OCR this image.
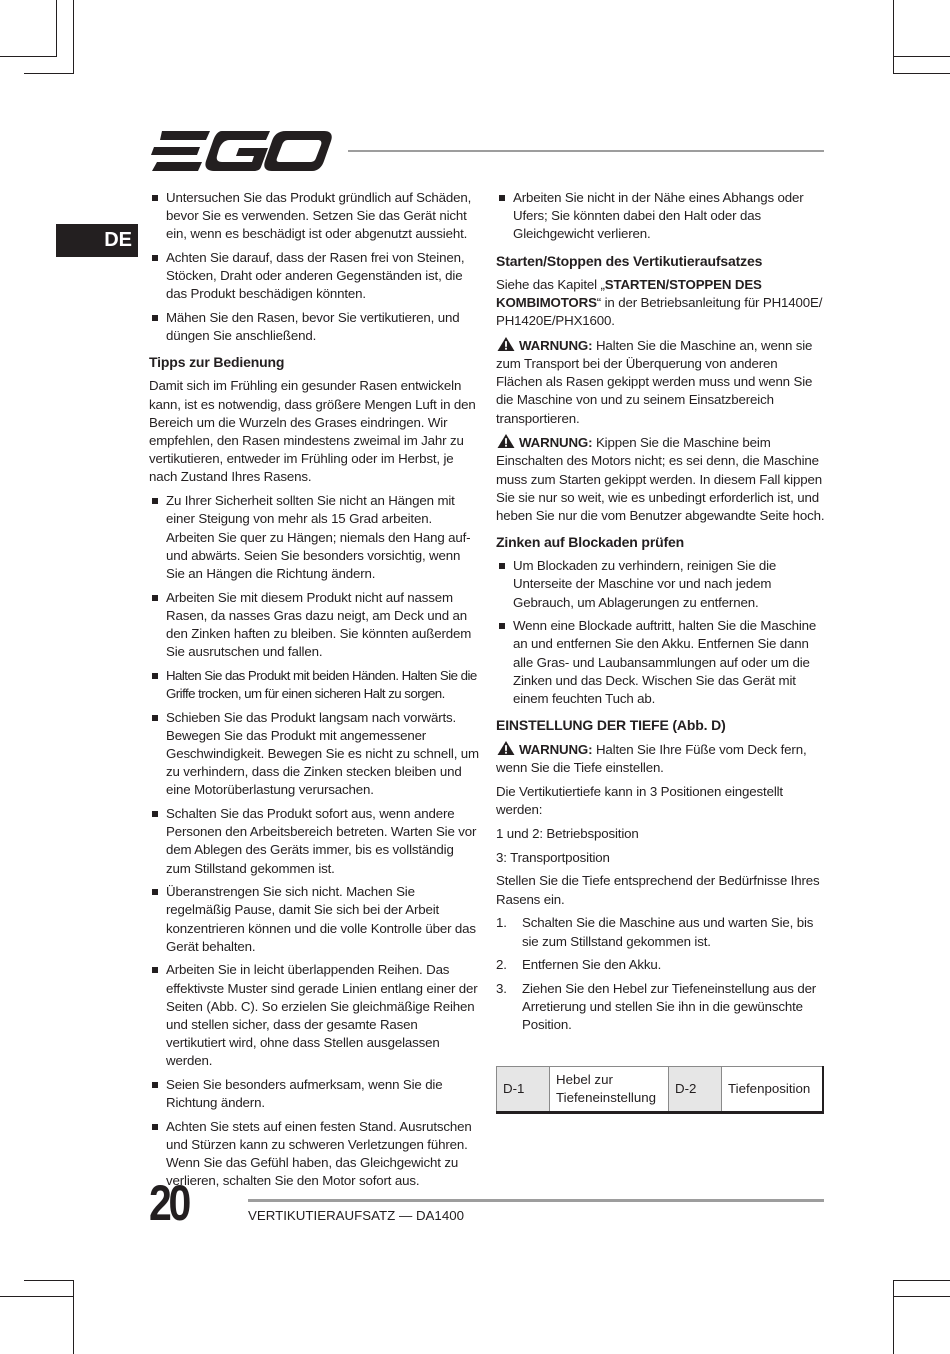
DE
Untersuchen Sie das Produkt gründlich auf Schäden, bevor Sie es verwenden. Setzen Sie das Gerät nicht ein, wenn es beschädigt ist oder abgenutzt aussieht.
Achten Sie darauf, dass der Rasen frei von Steinen, Stöcken, Draht oder anderen Gegenständen ist, die das Produkt beschädigen könnten.
Mähen Sie den Rasen, bevor Sie vertikutieren, und düngen Sie anschließend.
Tipps zur Bedienung

Damit sich im Frühling ein gesunder Rasen entwickeln kann, ist es notwendig, dass größere Mengen Luft in den Bereich um die Wurzeln des Grases eindringen. Wir empfehlen, den Rasen mindestens zweimal im Jahr zu vertikutieren, entweder im Frühling oder im Herbst, je nach Zustand Ihres Rasens.

Zu Ihrer Sicherheit sollten Sie nicht an Hängen mit einer Steigung von mehr als 15 Grad arbeiten. Arbeiten Sie quer zu Hängen; niemals den Hang auf- und abwärts. Seien Sie besonders vorsichtig, wenn Sie an Hängen die Richtung ändern.
Arbeiten Sie mit diesem Produkt nicht auf nassem Rasen, da nasses Gras dazu neigt, am Deck und an den Zinken haften zu bleiben. Sie könnten außerdem Sie ausrutschen und fallen.
Halten Sie das Produkt mit beiden Händen. Halten Sie die Griffe trocken, um für einen sicheren Halt zu sorgen.
Schieben Sie das Produkt langsam nach vorwärts. Bewegen Sie das Produkt mit angemessener Geschwindigkeit. Bewegen Sie es nicht zu schnell, um zu verhindern, dass die Zinken stecken bleiben und eine Motorüberlastung verursachen.
Schalten Sie das Produkt sofort aus, wenn andere Personen den Arbeitsbereich betreten. Warten Sie vor dem Ablegen des Geräts immer, bis es vollständig zum Stillstand gekommen ist.
Überanstrengen Sie sich nicht. Machen Sie regelmäßig Pause, damit Sie sich bei der Arbeit konzentrieren können und die volle Kontrolle über das Gerät behalten.
Arbeiten Sie in leicht überlappenden Reihen. Das effektivste Muster sind gerade Linien entlang einer der Seiten (Abb. C). So erzielen Sie gleichmäßige Reihen und stellen sicher, dass der gesamte Rasen vertikutiert wird, ohne dass Stellen ausgelassen werden.
Seien Sie besonders aufmerksam, wenn Sie die Richtung ändern.
Achten Sie stets auf einen festen Stand. Ausrutschen und Stürzen kann zu schweren Verletzungen führen. Wenn Sie das Gefühl haben, das Gleichgewicht zu verlieren, schalten Sie den Motor sofort aus.
Arbeiten Sie nicht in der Nähe eines Abhangs oder Ufers; Sie könnten dabei den Halt oder das Gleichgewicht verlieren.
Starten/Stoppen des Vertikutieraufsatzes

Siehe das Kapitel „STARTEN/STOPPEN DES KOMBIMOTORS“ in der Betriebsanleitung für PH1400E/ PH1420E/PHX1600.

WARNUNG: Halten Sie die Maschine an, wenn sie zum Transport bei der Überquerung von anderen Flächen als Rasen gekippt werden muss und wenn Sie die Maschine von und zu seinem Einsatzbereich transportieren.

WARNUNG: Kippen Sie die Maschine beim Einschalten des Motors nicht; es sei denn, die Maschine muss zum Starten gekippt werden. In diesem Fall kippen Sie sie nur so weit, wie es unbedingt erforderlich ist, und heben Sie nur die vom Benutzer abgewandte Seite hoch.

Zinken auf Blockaden prüfen
Um Blockaden zu verhindern, reinigen Sie die Unterseite der Maschine vor und nach jedem Gebrauch, um Ablagerungen zu entfernen.
Wenn eine Blockade auftritt, halten Sie die Maschine an und entfernen Sie den Akku. Entfernen Sie dann alle Gras- und Laubansammlungen auf oder um die Zinken und das Deck. Wischen Sie das Gerät mit einem feuchten Tuch ab.
EINSTELLUNG DER TIEFE (Abb. D)

WARNUNG: Halten Sie Ihre Füße vom Deck fern, wenn Sie die Tiefe einstellen.

Die Vertikutiertiefe kann in 3 Positionen eingestellt werden:

1 und 2: Betriebsposition

3: Transportposition

Stellen Sie die Tiefe entsprechend der Bedürfnisse Ihres Rasens ein.

1. Schalten Sie die Maschine aus und warten Sie, bis sie zum Stillstand gekommen ist.
2. Entfernen Sie den Akku.
3. Ziehen Sie den Hebel zur Tiefeneinstellung aus der Arretierung und stellen Sie ihn in die gewünschte Position.
D-1	Hebel zur Tiefeneinstellung	D-2	Tiefenposition
20	VERTIKUTIERAUFSATZ — DA1400
